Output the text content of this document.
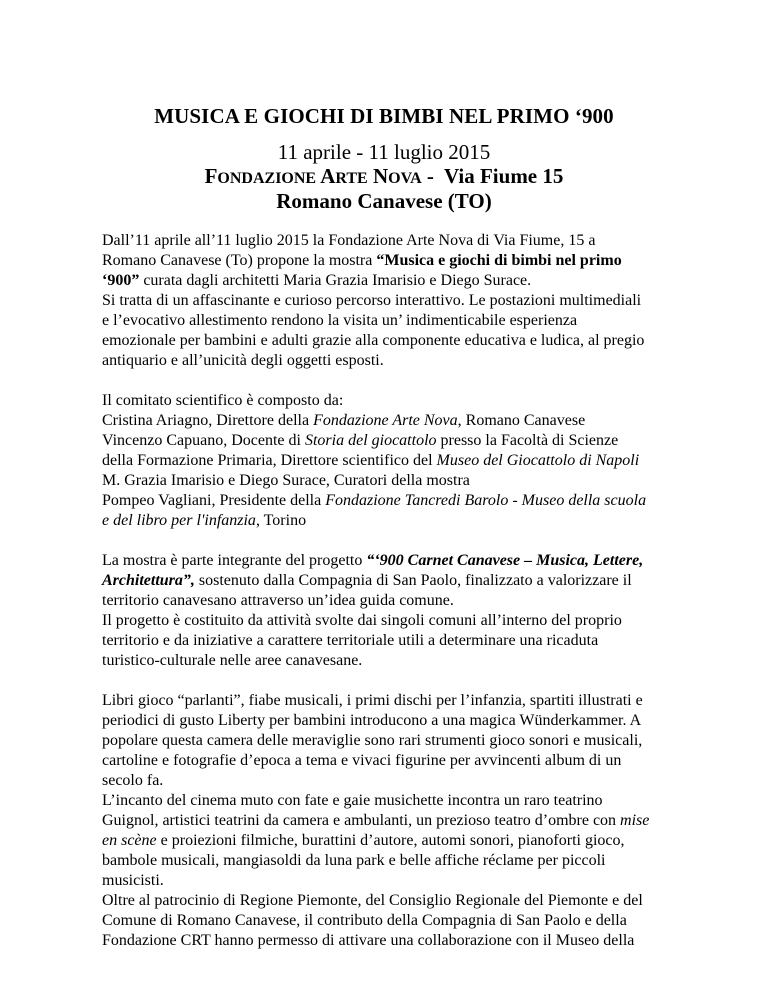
MUSICA E GIOCHI DI BIMBI NEL PRIMO ‘900
11 aprile - 11 luglio 2015
FONDAZIONE ARTE NOVA -  Via Fiume 15
Romano Canavese (TO)
Dall’11 aprile all’11 luglio 2015 la Fondazione Arte Nova di Via Fiume, 15 a
Romano Canavese (To) propone la mostra “Musica e giochi di bimbi nel primo
‘900” curata dagli architetti Maria Grazia Imarisio e Diego Surace.
Si tratta di un affascinante e curioso percorso interattivo. Le postazioni multimediali
e l’evocativo allestimento rendono la visita un’ indimenticabile esperienza
emozionale per bambini e adulti grazie alla componente educativa e ludica, al pregio
antiquario e all’unicità degli oggetti esposti.
Il comitato scientifico è composto da:
Cristina Ariagno, Direttore della Fondazione Arte Nova, Romano Canavese
Vincenzo Capuano, Docente di Storia del giocattolo presso la Facoltà di Scienze
della Formazione Primaria, Direttore scientifico del Museo del Giocattolo di Napoli
M. Grazia Imarisio e Diego Surace, Curatori della mostra
Pompeo Vagliani, Presidente della Fondazione Tancredi Barolo - Museo della scuola
e del libro per l'infanzia, Torino
La mostra è parte integrante del progetto “‘900 Carnet Canavese – Musica, Lettere,
Architettura”, sostenuto dalla Compagnia di San Paolo, finalizzato a valorizzare il
territorio canavesano attraverso un’idea guida comune.
Il progetto è costituito da attività svolte dai singoli comuni all’interno del proprio
territorio e da iniziative a carattere territoriale utili a determinare una ricaduta
turistico-culturale nelle aree canavesane.
Libri gioco “parlanti”, fiabe musicali, i primi dischi per l’infanzia, spartiti illustrati e
periodici di gusto Liberty per bambini introducono a una magica Wünderkammer. A
popolare questa camera delle meraviglie sono rari strumenti gioco sonori e musicali,
cartoline e fotografie d’epoca a tema e vivaci figurine per avvincenti album di un
secolo fa.
L’incanto del cinema muto con fate e gaie musichette incontra un raro teatrino
Guignol, artistici teatrini da camera e ambulanti, un prezioso teatro d’ombre con mise
en scène e proiezioni filmiche, burattini d’autore, automi sonori, pianoforti gioco,
bambole musicali, mangiasoldi da luna park e belle affiche réclame per piccoli
musicisti.
Oltre al patrocinio di Regione Piemonte, del Consiglio Regionale del Piemonte e del
Comune di Romano Canavese, il contributo della Compagnia di San Paolo e della
Fondazione CRT hanno permesso di attivare una collaborazione con il Museo della
